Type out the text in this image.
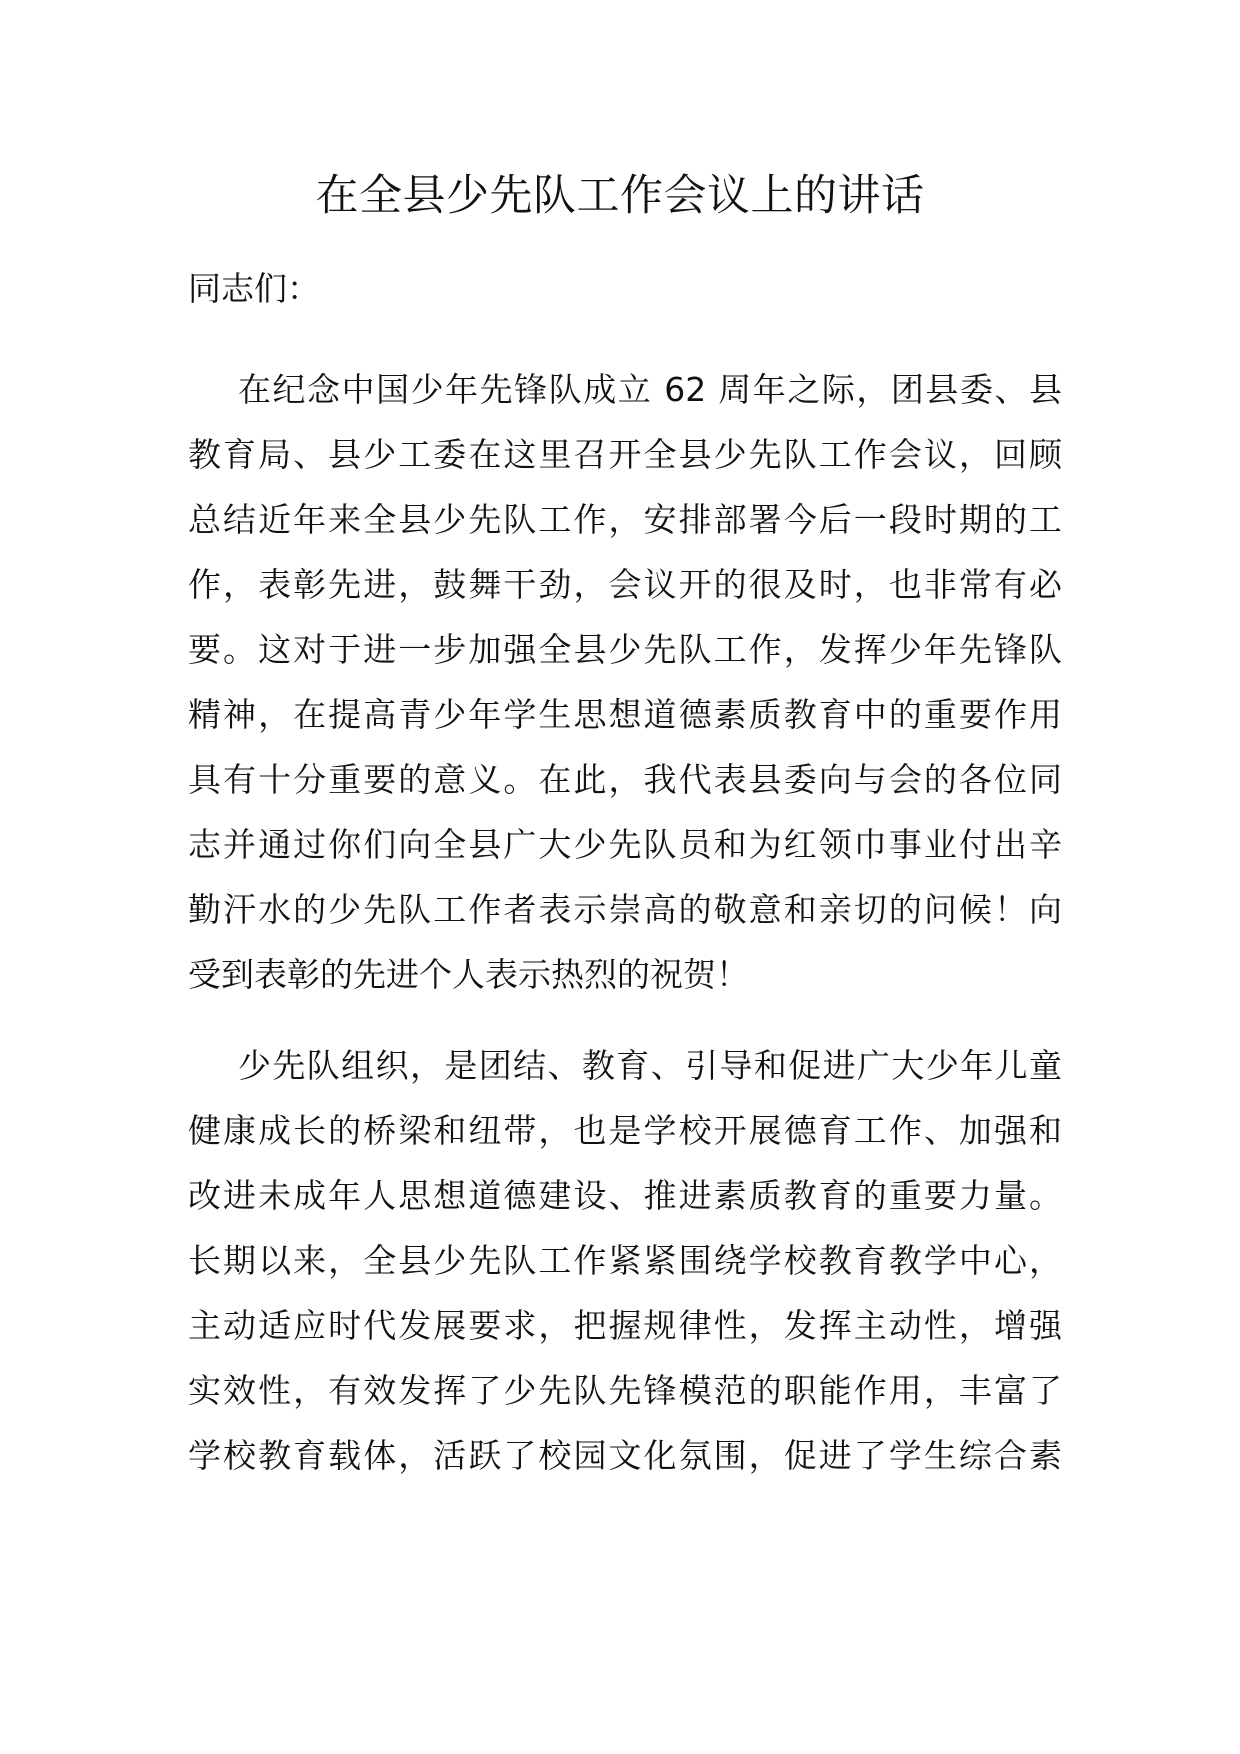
在全县少先队工作会议上的讲话

同志们：

在纪念中国少年先锋队成立 62 周年之际，团县委、县
教育局、县少工委在这里召开全县少先队工作会议，回顾
总结近年来全县少先队工作，安排部署今后一段时期的工
作，表彰先进，鼓舞干劲，会议开的很及时，也非常有必
要。这对于进一步加强全县少先队工作，发挥少年先锋队
精神，在提高青少年学生思想道德素质教育中的重要作用
具有十分重要的意义。在此，我代表县委向与会的各位同
志并通过你们向全县广大少先队员和为红领巾事业付出辛
勤汗水的少先队工作者表示崇高的敬意和亲切的问候！向
受到表彰的先进个人表示热烈的祝贺！
少先队组织，是团结、教育、引导和促进广大少年儿童
健康成长的桥梁和纽带，也是学校开展德育工作、加强和
改进未成年人思想道德建设、推进素质教育的重要力量。
长期以来，全县少先队工作紧紧围绕学校教育教学中心，
主动适应时代发展要求，把握规律性，发挥主动性，增强
实效性，有效发挥了少先队先锋模范的职能作用，丰富了
学校教育载体，活跃了校园文化氛围，促进了学生综合素
